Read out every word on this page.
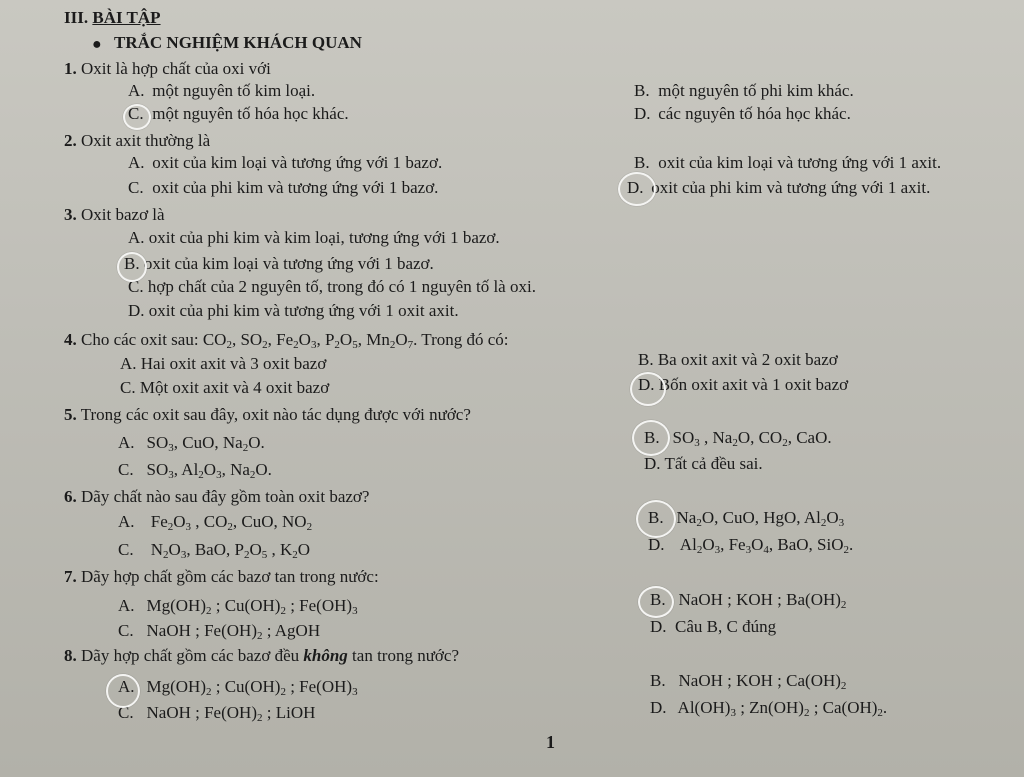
III. BÀI TẬP
● TRẮC NGHIỆM KHÁCH QUAN
1. Oxit là hợp chất của oxi với
A. một nguyên tố kim loại.	B. một nguyên tố phi kim khác.
C. một nguyên tố hóa học khác.	D. các nguyên tố hóa học khác.
2. Oxit axit thường là
A. oxit của kim loại và tương ứng với 1 bazơ.	B. oxit của kim loại và tương ứng với 1 axit.
C. oxit của phi kim và tương ứng với 1 bazơ.	D. oxit của phi kim và tương ứng với 1 axit.
3. Oxit bazơ là
A. oxit của phi kim và kim loại, tương ứng với 1 bazơ.
B. oxit của kim loại và tương ứng với 1 bazơ.
C. hợp chất của 2 nguyên tố, trong đó có 1 nguyên tố là oxi.
D. oxit của phi kim và tương ứng với 1 oxit axit.
4. Cho các oxit sau: $CO_2$, $SO_2$, $Fe_2O_3$, $P_2O_5$, $Mn_2O_7$. Trong đó có:
A. Hai oxit axit và 3 oxit bazơ	B. Ba oxit axit và 2 oxit bazơ
C. Một oxit axit và 4 oxit bazơ	D. Bốn oxit axit và 1 oxit bazơ
5. Trong các oxit sau đây, oxit nào tác dụng được với nước?
A.  $SO_3$, CuO, $Na_2O$.	B.  $SO_3$ , $Na_2O$, $CO_2$, CaO.
C.  $SO_3$, $Al_2O_3$, $Na_2O$.	D. Tất cả đều sai.
6. Dãy chất nào sau đây gồm toàn oxit bazơ?
A.   $Fe_2O_3$ , $CO_2$, CuO, $NO_2$	B.  $Na_2O$, CuO, HgO, $Al_2O_3$
C.   $N_2O_3$, BaO, $P_2O_5$ , $K_2O$	D.   $Al_2O_3$, $Fe_3O_4$, BaO, SiO$_2$.
7. Dãy hợp chất gồm các bazơ tan trong nước:
A.  $Mg(OH)_2$ ; $Cu(OH)_2$ ; $Fe(OH)_3$
B.  NaOH ; KOH ; $Ba(OH)_2$
C.  NaOH ; $Fe(OH)_2$ ; AgOH	D. Câu B, C đúng
8. Dãy hợp chất gồm các bazơ đều không tan trong nước?
A.  $Mg(OH)_2$ ; $Cu(OH)_2$ ; $Fe(OH)_3$
B.  NaOH ; KOH ; $Ca(OH)_2$
C.  NaOH ; $Fe(OH)_2$ ; LiOH	D.  $Al(OH)_3$ ; $Zn(OH)_2$ ; $Ca(OH)_2$.
1
